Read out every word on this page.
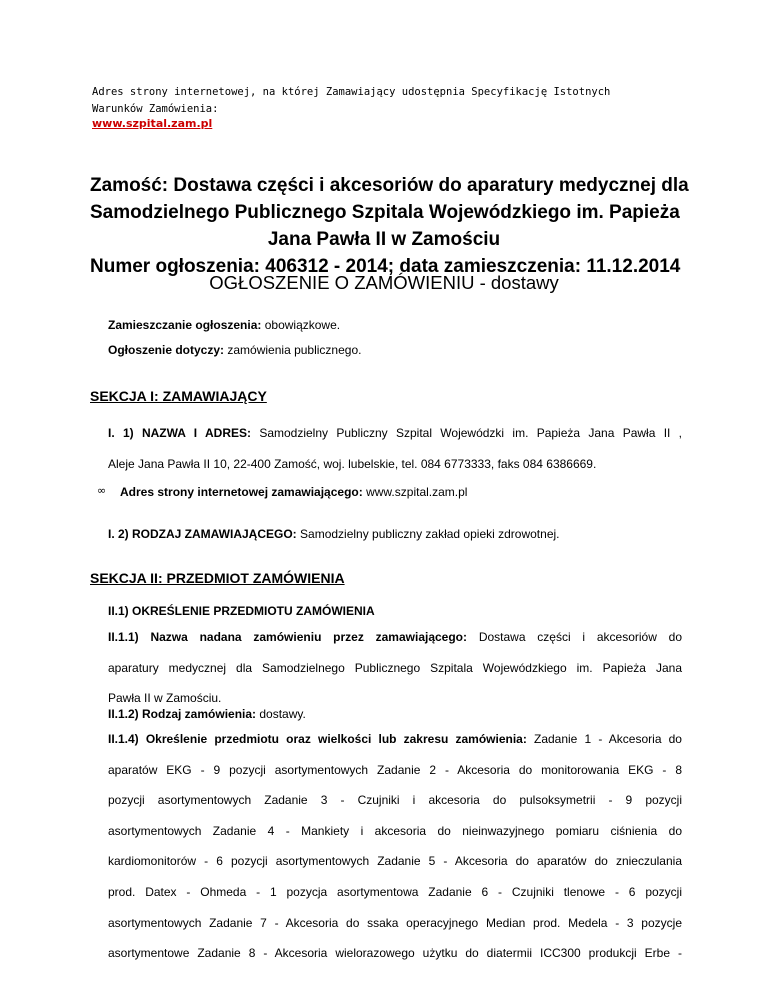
Adres strony internetowej, na której Zamawiający udostępnia Specyfikację Istotnych Warunków Zamówienia:
www.szpital.zam.pl
Zamość: Dostawa części i akcesoriów do aparatury medycznej dla
Samodzielnego Publicznego Szpitala Wojewódzkiego im. Papieża
Jana Pawła II w Zamościu
Numer ogłoszenia: 406312 - 2014; data zamieszczenia: 11.12.2014
OGŁOSZENIE O ZAMÓWIENIU - dostawy
Zamieszczanie ogłoszenia: obowiązkowe.
Ogłoszenie dotyczy: zamówienia publicznego.
SEKCJA I: ZAMAWIAJĄCY
I. 1) NAZWA I ADRES: Samodzielny Publiczny Szpital Wojewódzki im. Papieża Jana Pawła II ,
Aleje Jana Pawła II 10, 22-400 Zamość, woj. lubelskie, tel. 084 6773333, faks 084 6386669.
∞ Adres strony internetowej zamawiającego: www.szpital.zam.pl
I. 2) RODZAJ ZAMAWIAJĄCEGO: Samodzielny publiczny zakład opieki zdrowotnej.
SEKCJA II: PRZEDMIOT ZAMÓWIENIA
II.1) OKREŚLENIE PRZEDMIOTU ZAMÓWIENIA
II.1.1) Nazwa nadana zamówieniu przez zamawiającego: Dostawa części i akcesoriów do
aparatury medycznej dla Samodzielnego Publicznego Szpitala Wojewódzkiego im. Papieża Jana
Pawła II w Zamościu.
II.1.2) Rodzaj zamówienia: dostawy.
II.1.4) Określenie przedmiotu oraz wielkości lub zakresu zamówienia: Zadanie 1 - Akcesoria do
aparatów EKG - 9 pozycji asortymentowych Zadanie 2 - Akcesoria do monitorowania EKG - 8
pozycji asortymentowych Zadanie 3 - Czujniki i akcesoria do pulsoksymetrii - 9 pozycji
asortymentowych Zadanie 4 - Mankiety i akcesoria do nieinwazyjnego pomiaru ciśnienia do
kardiomonitorów - 6 pozycji asortymentowych Zadanie 5 - Akcesoria do aparatów do znieczulania
prod. Datex - Ohmeda - 1 pozycja asortymentowa Zadanie 6 - Czujniki tlenowe - 6 pozycji
asortymentowych Zadanie 7 - Akcesoria do ssaka operacyjnego Median prod. Medela - 3 pozycje
asortymentowe Zadanie 8 - Akcesoria wielorazowego użytku do diatermii ICC300 produkcji Erbe -
